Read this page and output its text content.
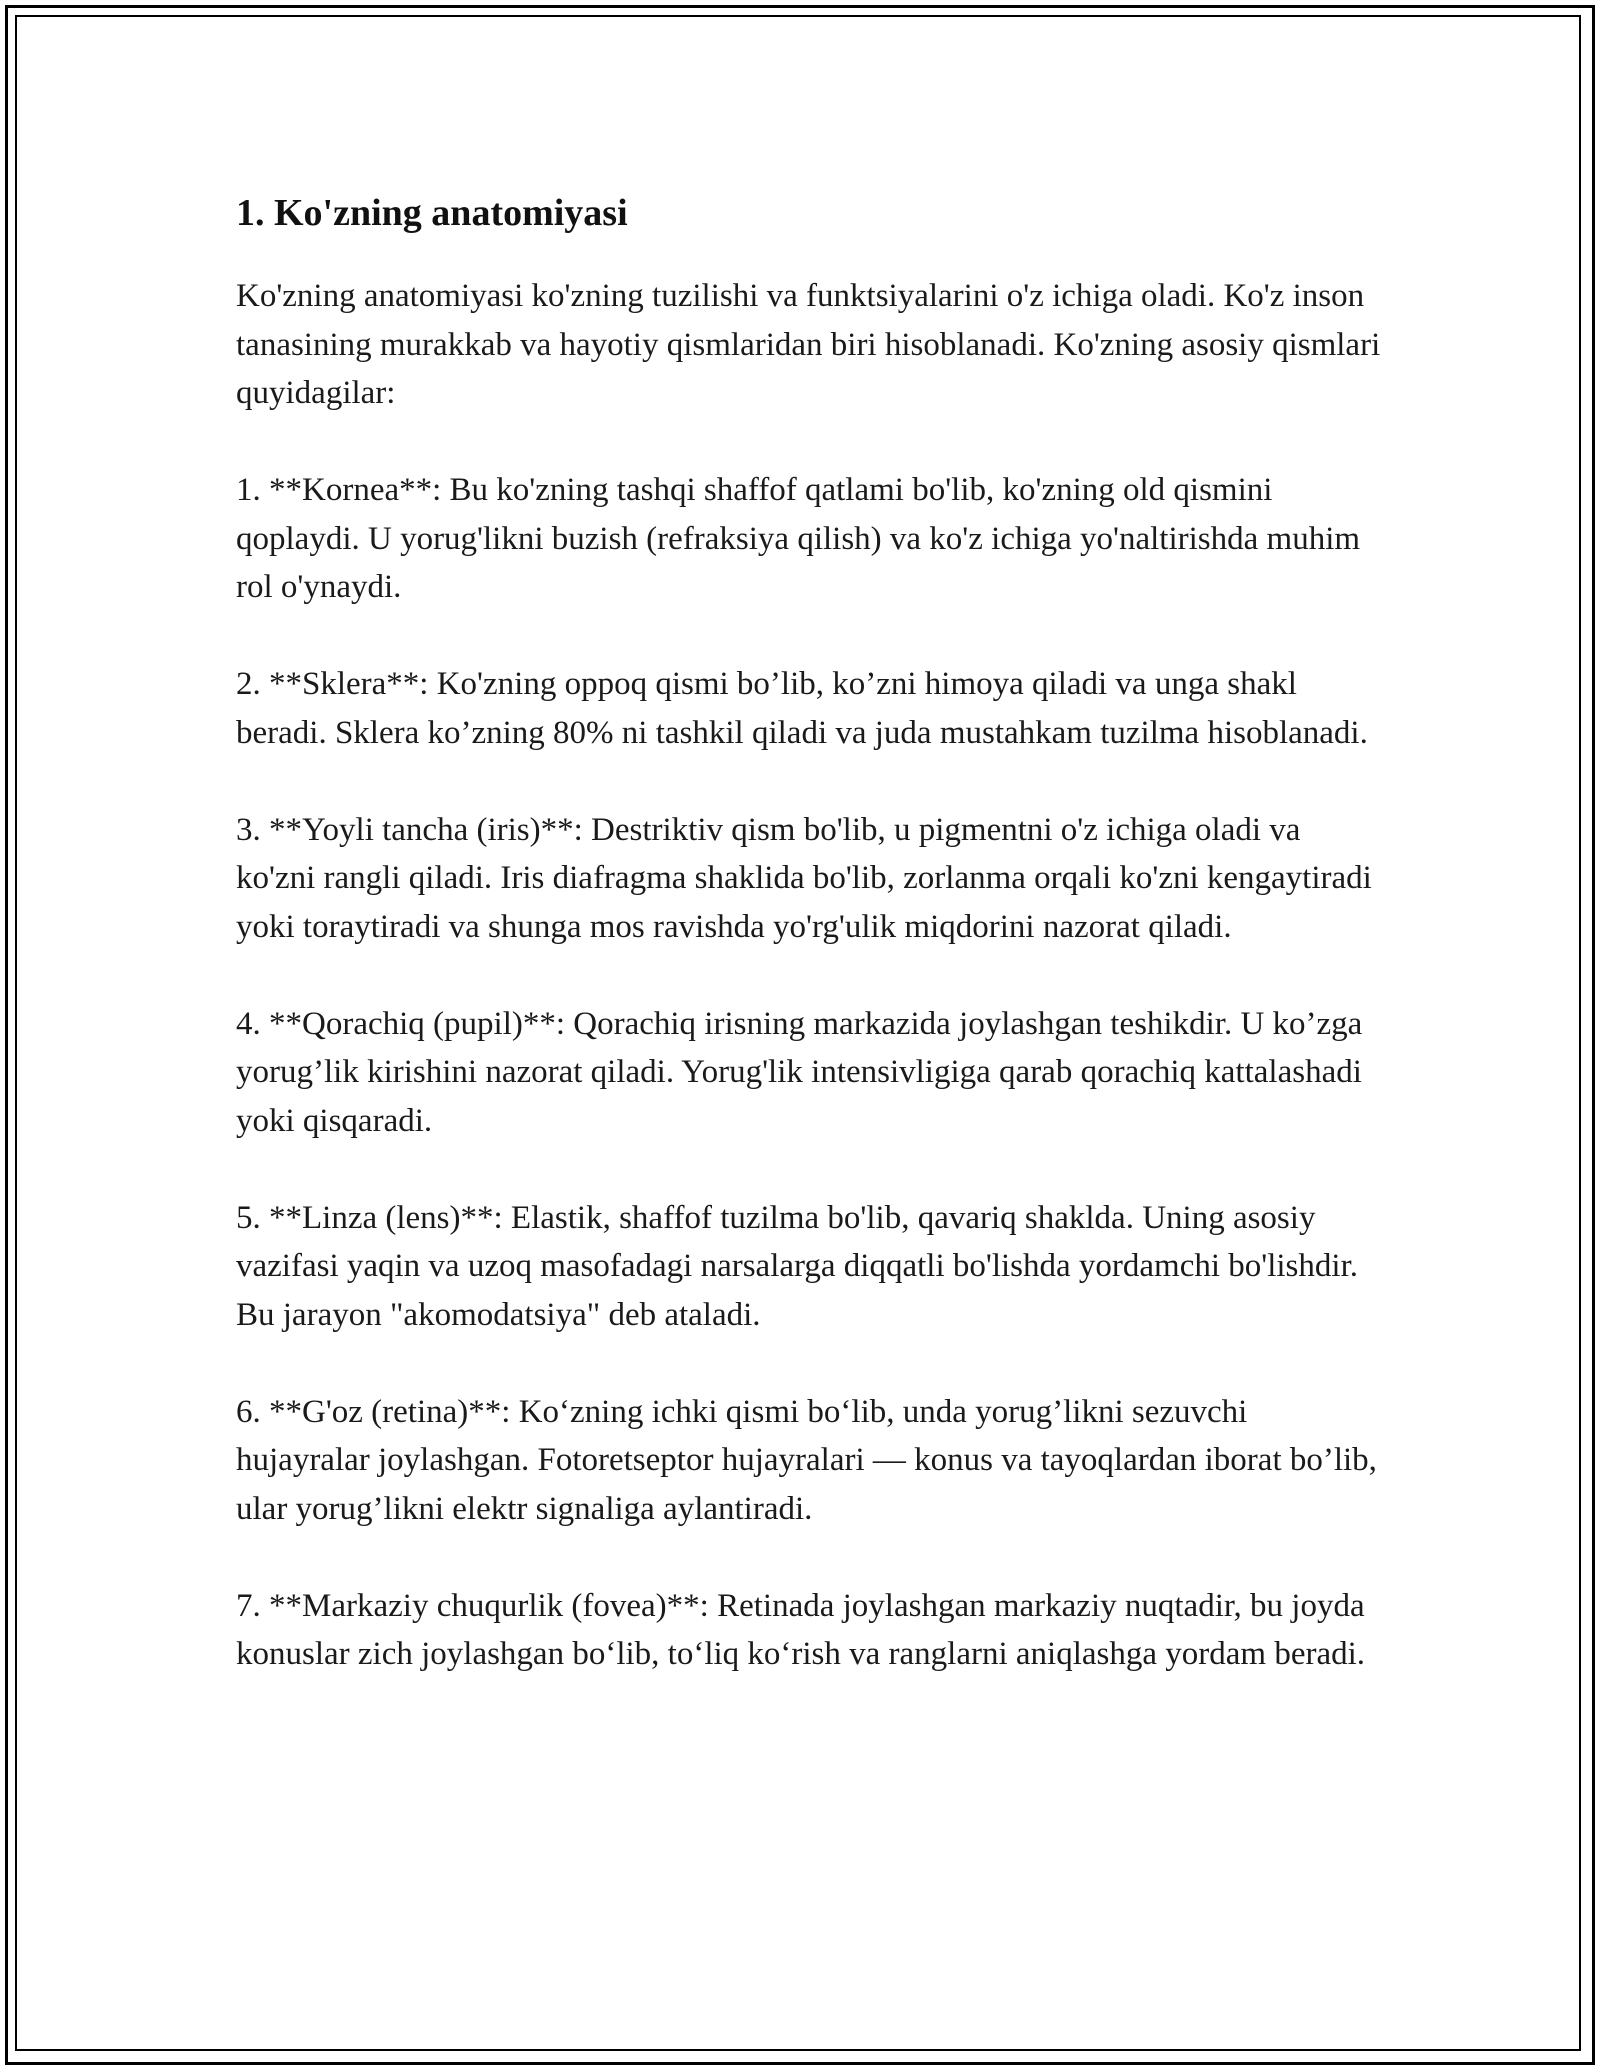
1. Ko'zning anatomiyasi

Ko'zning anatomiyasi ko'zning tuzilishi va funktsiyalarini o'z ichiga oladi. Ko'z inson tanasining murakkab va hayotiy qismlaridan biri hisoblanadi. Ko'zning asosiy qismlari quyidagilar:

1. **Kornea**: Bu ko'zning tashqi shaffof qatlami bo'lib, ko'zning old qismini qoplaydi. U yorug'likni buzish (refraksiya qilish) va ko'z ichiga yo'naltirishda muhim rol o'ynaydi.

2. **Sklera**: Ko'zning oppoq qismi bo’lib, ko’zni himoya qiladi va unga shakl beradi. Sklera ko’zning 80% ni tashkil qiladi va juda mustahkam tuzilma hisoblanadi.

3. **Yoyli tancha (iris)**: Destriktiv qism bo'lib, u pigmentni o'z ichiga oladi va ko'zni rangli qiladi. Iris diafragma shaklida bo'lib, zorlanma orqali ko'zni kengaytiradi yoki toraytiradi va shunga mos ravishda yo'rg'ulik miqdorini nazorat qiladi.

4. **Qorachiq (pupil)**: Qorachiq irisning markazida joylashgan teshikdir. U ko’zga yorug’lik kirishini nazorat qiladi. Yorug'lik intensivligiga qarab qorachiq kattalashadi yoki qisqaradi.

5. **Linza (lens)**: Elastik, shaffof tuzilma bo'lib, qavariq shaklda. Uning asosiy vazifasi yaqin va uzoq masofadagi narsalarga diqqatli bo'lishda yordamchi bo'lishdir. Bu jarayon "akomodatsiya" deb ataladi.

6. **G'oz (retina)**: Koʻzning ichki qismi boʻlib, unda yorug’likni sezuvchi hujayralar joylashgan. Fotoretseptor hujayralari — konus va tayoqlardan iborat bo’lib, ular yorug’likni elektr signaliga aylantiradi.

7. **Markaziy chuqurlik (fovea)**: Retinada joylashgan markaziy nuqtadir, bu joyda konuslar zich joylashgan boʻlib, toʻliq koʻrish va ranglarni aniqlashga yordam beradi.
